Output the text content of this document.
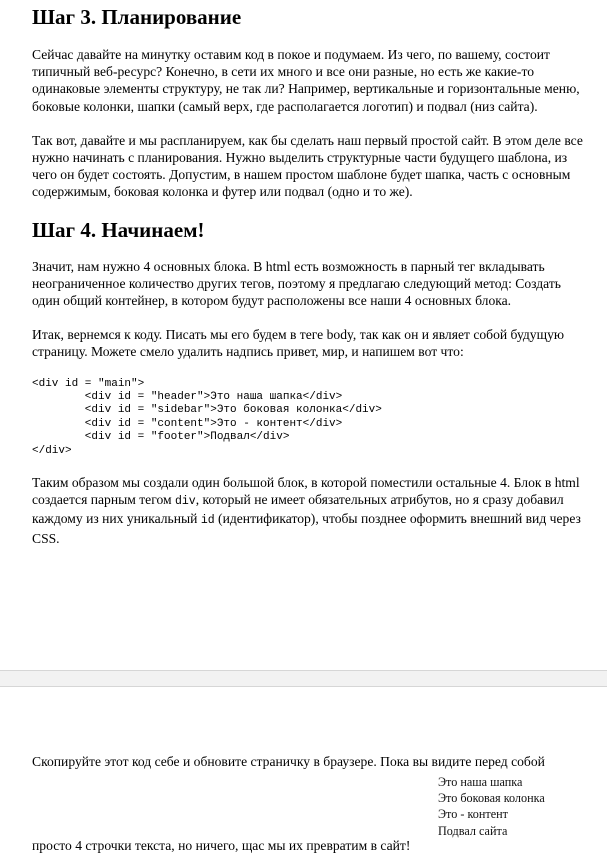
Шаг 3. Планирование

Сейчас давайте на минутку оставим код в покое и подумаем. Из чего, по вашему, состоит типичный веб-ресурс? Конечно, в сети их много и все они разные, но есть же какие-то одинаковые элементы структуру, не так ли? Например, вертикальные и горизонтальные меню, боковые колонки, шапки (самый верх, где располагается логотип) и подвал (низ сайта).

Так вот, давайте и мы распланируем, как бы сделать наш первый простой сайт. В этом деле все нужно начинать с планирования. Нужно выделить структурные части будущего шаблона, из чего он будет состоять. Допустим, в нашем простом шаблоне будет шапка, часть с основным содержимым, боковая колонка и футер или подвал (одно и то же).

Шаг 4. Начинаем!

Значит, нам нужно 4 основных блока. В html есть возможность в парный тег вкладывать неограниченное количество других тегов, поэтому я предлагаю следующий метод: Создать один общий контейнер, в котором будут расположены все наши 4 основных блока.

Итак, вернемся к коду. Писать мы его будем в теге body, так как он и являет собой будущую страницу. Можете смело удалить надпись привет, мир, и напишем вот что:

<div id = "main">
<div id = "header">Это наша шапка</div>
<div id = "sidebar">Это боковая колонка</div>
<div id = "content">Это - контент</div>
<div id = "footer">Подвал</div>
</div>

Таким образом мы создали один большой блок, в которой поместили остальные 4. Блок в html создается парным тегом div, который не имеет обязательных атрибутов, но я сразу добавил каждому из них уникальный id (идентификатор), чтобы позднее оформить внешний вид через CSS.

Скопируйте этот код себе и обновите страничку в браузере. Пока вы видите перед собой
Это наша шапка
Это боковая колонка
Это - контент
Подвал сайта
просто 4 строчки текста, но ничего, щас мы их превратим в сайт!
